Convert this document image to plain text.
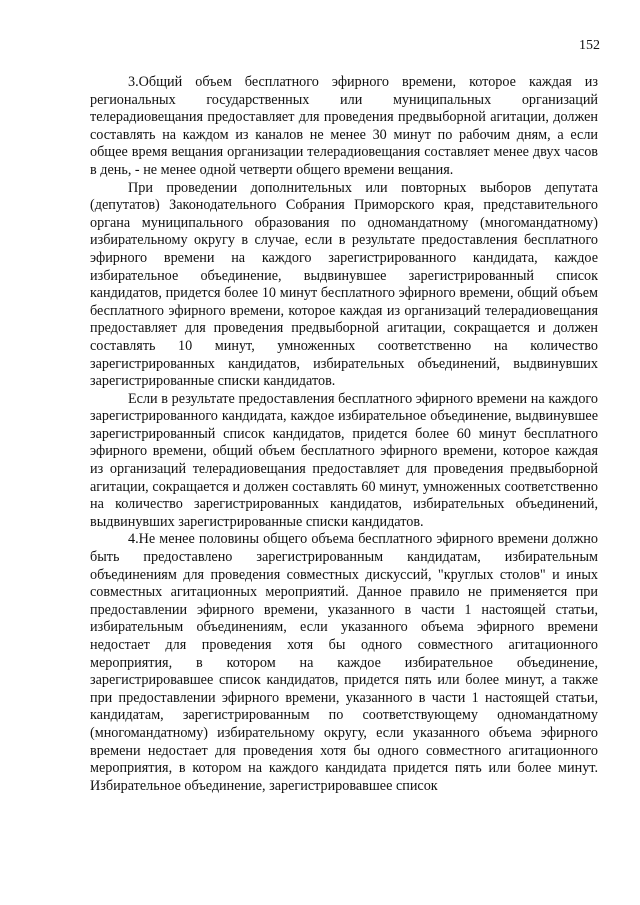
152

3.Общий объем бесплатного эфирного времени, которое каждая из региональных государственных или муниципальных организаций телерадиовещания предоставляет для проведения предвыборной агитации, должен составлять на каждом из каналов не менее 30 минут по рабочим дням, а если общее время вещания организации телерадиовещания составляет менее двух часов в день, - не менее одной четверти общего времени вещания.

При проведении дополнительных или повторных выборов депутата (депутатов) Законодательного Собрания Приморского края, представительного органа муниципального образования по одномандатному (многомандатному) избирательному округу в случае, если в результате предоставления бесплатного эфирного времени на каждого зарегистрированного кандидата, каждое избирательное объединение, выдвинувшее зарегистрированный список кандидатов, придется более 10 минут бесплатного эфирного времени, общий объем бесплатного эфирного времени, которое каждая из организаций телерадиовещания предоставляет для проведения предвыборной агитации, сокращается и должен составлять 10 минут, умноженных соответственно на количество зарегистрированных кандидатов, избирательных объединений, выдвинувших зарегистрированные списки кандидатов.

Если в результате предоставления бесплатного эфирного времени на каждого зарегистрированного кандидата, каждое избирательное объединение, выдвинувшее зарегистрированный список кандидатов, придется более 60 минут бесплатного эфирного времени, общий объем бесплатного эфирного времени, которое каждая из организаций телерадиовещания предоставляет для проведения предвыборной агитации, сокращается и должен составлять 60 минут, умноженных соответственно на количество зарегистрированных кандидатов, избирательных объединений, выдвинувших зарегистрированные списки кандидатов.

4.Не менее половины общего объема бесплатного эфирного времени должно быть предоставлено зарегистрированным кандидатам, избирательным объединениям для проведения совместных дискуссий, "круглых столов" и иных совместных агитационных мероприятий. Данное правило не применяется при предоставлении эфирного времени, указанного в части 1 настоящей статьи, избирательным объединениям, если указанного объема эфирного времени недостает для проведения хотя бы одного совместного агитационного мероприятия, в котором на каждое избирательное объединение, зарегистрировавшее список кандидатов, придется пять или более минут, а также при предоставлении эфирного времени, указанного в части 1 настоящей статьи, кандидатам, зарегистрированным по соответствующему одномандатному (многомандатному) избирательному округу, если указанного объема эфирного времени недостает для проведения хотя бы одного совместного агитационного мероприятия, в котором на каждого кандидата придется пять или более минут. Избирательное объединение, зарегистрировавшее список
